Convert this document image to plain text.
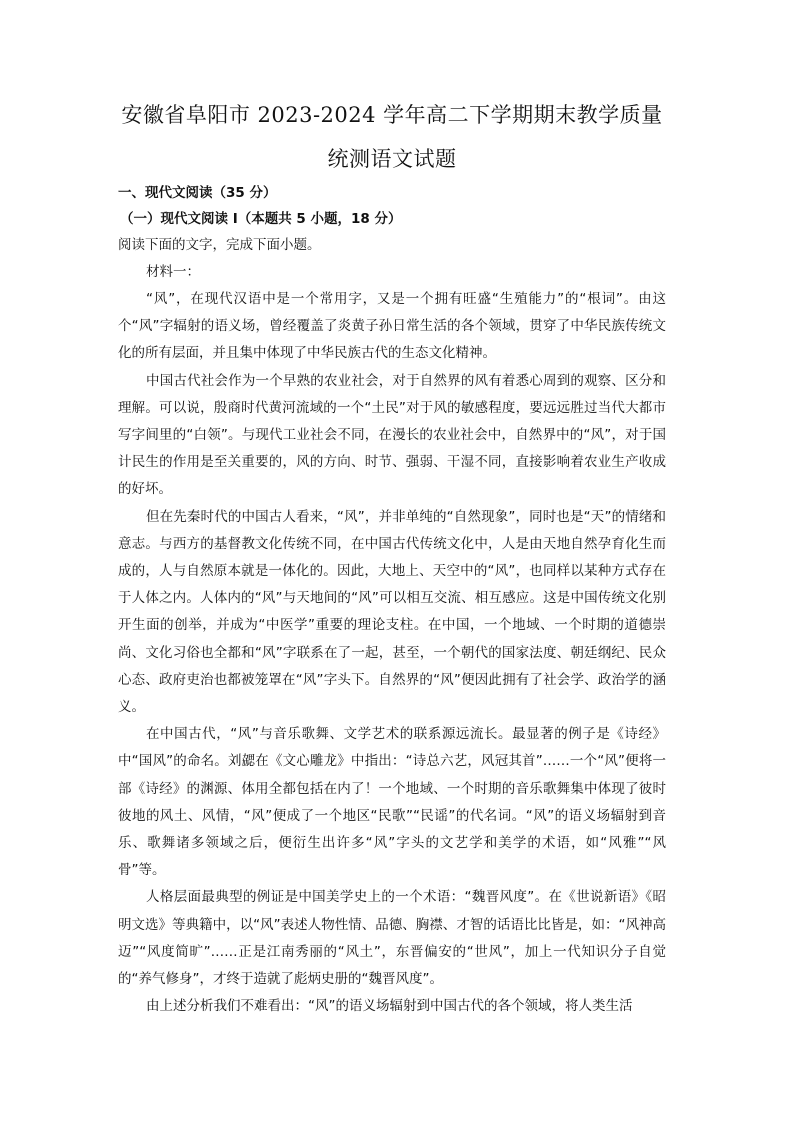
安徽省阜阳市 2023-2024 学年高二下学期期末教学质量
统测语文试题

一、现代文阅读（35 分）

（一）现代文阅读 I（本题共 5 小题，18 分）

阅读下面的文字，完成下面小题。

材料一：

“风”，在现代汉语中是一个常用字，又是一个拥有旺盛“生殖能力”的“根词”。由这个“风”字辐射的语义场，曾经覆盖了炎黄子孙日常生活的各个领域，贯穿了中华民族传统文化的所有层面，并且集中体现了中华民族古代的生态文化精神。

中国古代社会作为一个早熟的农业社会，对于自然界的风有着悉心周到的观察、区分和理解。可以说，殷商时代黄河流域的一个“土民”对于风的敏感程度，要远远胜过当代大都市写字间里的“白领”。与现代工业社会不同，在漫长的农业社会中，自然界中的“风”，对于国计民生的作用是至关重要的，风的方向、时节、强弱、干湿不同，直接影响着农业生产收成的好坏。

但在先秦时代的中国古人看来，“风”，并非单纯的“自然现象”，同时也是“天”的情绪和意志。与西方的基督教文化传统不同，在中国古代传统文化中，人是由天地自然孕育化生而成的，人与自然原本就是一体化的。因此，大地上、天空中的“风”，也同样以某种方式存在于人体之内。人体内的“风”与天地间的“风”可以相互交流、相互感应。这是中国传统文化别开生面的创举，并成为“中医学”重要的理论支柱。在中国，一个地域、一个时期的道德崇尚、文化习俗也全都和“风”字联系在了一起，甚至，一个朝代的国家法度、朝廷纲纪、民众心态、政府吏治也都被笼罩在“风”字头下。自然界的“风”便因此拥有了社会学、政治学的涵义。

在中国古代，“风”与音乐歌舞、文学艺术的联系源远流长。最显著的例子是《诗经》中“国风”的命名。刘勰在《文心雕龙》中指出：“诗总六艺，风冠其首”……一个“风”便将一部《诗经》的渊源、体用全都包括在内了！一个地域、一个时期的音乐歌舞集中体现了彼时彼地的风土、风情，“风”便成了一个地区“民歌”“民谣”的代名词。“风”的语义场辐射到音乐、歌舞诸多领域之后，便衍生出许多“风”字头的文艺学和美学的术语，如“风雅”“风骨”等。

人格层面最典型的例证是中国美学史上的一个术语：“魏晋风度”。在《世说新语》《昭明文选》等典籍中，以“风”表述人物性情、品德、胸襟、才智的话语比比皆是，如：“风神高迈”“风度简旷”……正是江南秀丽的“风土”，东晋偏安的“世风”，加上一代知识分子自觉的“养气修身”，才终于造就了彪炳史册的“魏晋风度”。

由上述分析我们不难看出：“风”的语义场辐射到中国古代的各个领域，将人类生活
